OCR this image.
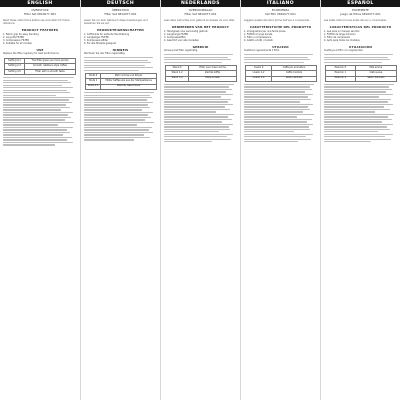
ENGLISH
OVERSTOCK
Filter Set 0810077-001
Read these instructions before use and retain for future reference.
PRODUCT FEATURES
1. Fabric grip for easy handling
2. Long-life FILTER
3. Compression FILTER
4. Suitable for all models
USE
Replace the filter regularly for best performance.
Setting 0-1	The filter gives you more aroma
Setting 2-3	Smooth cafetiere style coffee
Setting 4-5	Filter with a smooth taste
DEUTSCH
ÜBERSTOCK
Filter Set 0810077-001
Lesen Sie vor dem Gebrauch diese Anweisungen und bewahren Sie sie auf.
PRODUKTEIGENSCHAFTEN
1. Griffmulde für einfache Handhabung
2. Langlebiger FILTER
3. Kompressionsfilter
4. Für alle Modelle geeignet
HINWEIS
Wechseln Sie den Filter regelmäßig.
Stufe 0	Mehr Aroma und Körper
Stufe 1	Milder Kaffee wie aus der Stempelkanne
Stufe 2-3	Weicher Geschmack
NEDERLANDS
OVERVOORRAAD
Filter Set 0810077-001
Lees deze instructies voor gebruik en bewaar ze voor later.
KENMERKEN VAN HET PRODUCT
1. Handgreep voor eenvoudig gebruik
2. Langdurige FILTER
3. Compressiefilter
4. Geschikt voor alle modellen
GEBRUIK
Vervang het filter regelmatig.
Stand 0	Filter voor meer aroma
Stand 1-2	Zachte koffie
Stand 3-4	Milde smaak
ITALIANO
ECCEDENZA
Set filtri 0810077-001
Leggere queste istruzioni prima dell'uso e conservarle.
CARATTERISTICHE DEL PRODOTTO
1. Impugnatura per una facile presa
2. FILTRO a lunga durata
3. Filtro a compressione
4. Adatto a tutti i modelli
UTILIZZO
Sostituire regolarmente il filtro.
Livello 0	Caffè più aromatico
Livello 1-2	Caffè morbido
Livello 3-4	Gusto delicato
ESPAÑOL
EXCEDENTE
Juego de filtros 0810077-001
Lea estas instrucciones antes del uso y consérvelas.
CARACTERÍSTICAS DEL PRODUCTO
1. Asa para un manejo sencillo
2. FILTRO de larga duración
3. Filtro de compresión
4. Apto para todos los modelos
UTILIZACIÓN
Sustituya el filtro con regularidad.
Posición 0	Más aroma
Posición 1	Café suave
Posición 2	Sabor delicado
